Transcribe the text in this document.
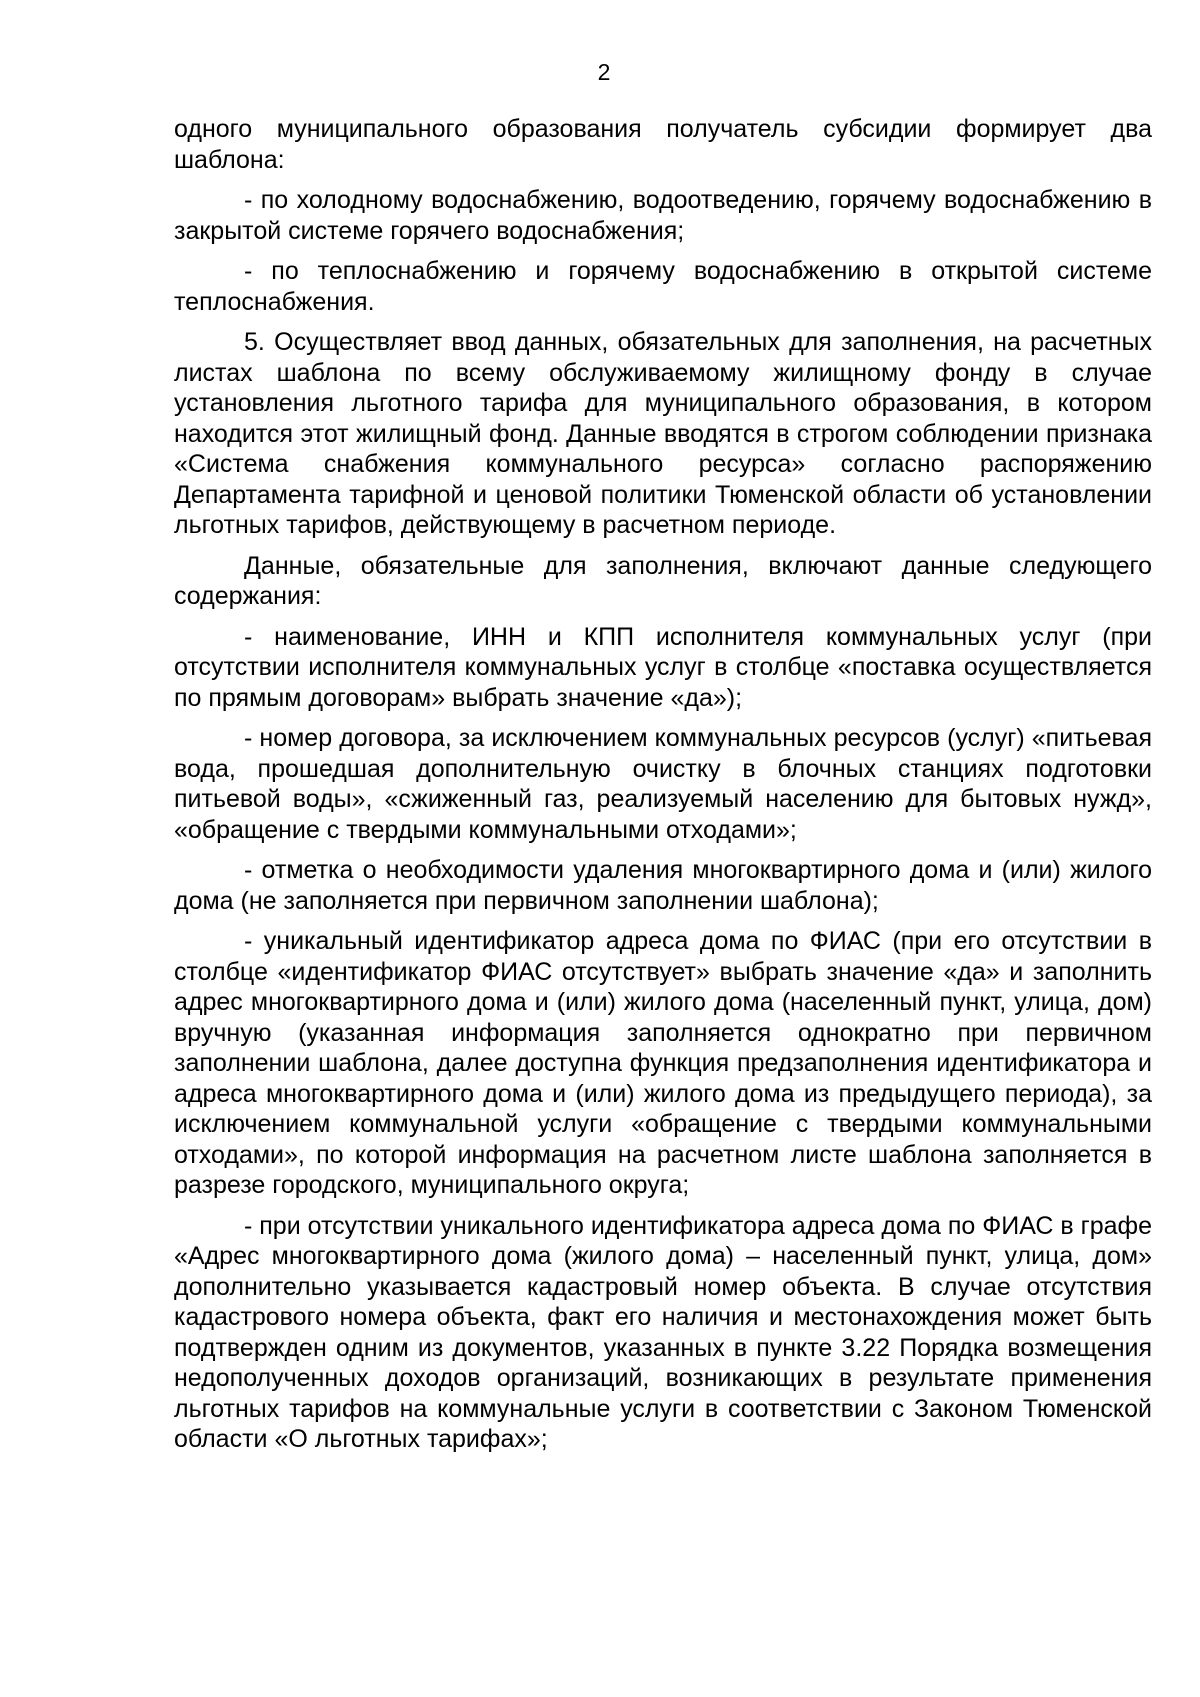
2

одного муниципального образования получатель субсидии формирует два шаблона:

- по холодному водоснабжению, водоотведению, горячему водоснабжению в закрытой системе горячего водоснабжения;

- по теплоснабжению и горячему водоснабжению в открытой системе теплоснабжения.

5. Осуществляет ввод данных, обязательных для заполнения, на расчетных листах шаблона по всему обслуживаемому жилищному фонду в случае установления льготного тарифа для муниципального образования, в котором находится этот жилищный фонд. Данные вводятся в строгом соблюдении признака «Система снабжения коммунального ресурса» согласно распоряжению Департамента тарифной и ценовой политики Тюменской области об установлении льготных тарифов, действующему в расчетном периоде.

Данные, обязательные для заполнения, включают данные следующего содержания:

- наименование, ИНН и КПП исполнителя коммунальных услуг (при отсутствии исполнителя коммунальных услуг в столбце «поставка осуществляется по прямым договорам» выбрать значение «да»);

- номер договора, за исключением коммунальных ресурсов (услуг) «питьевая вода, прошедшая дополнительную очистку в блочных станциях подготовки питьевой воды», «сжиженный газ, реализуемый населению для бытовых нужд», «обращение с твердыми коммунальными отходами»;

- отметка о необходимости удаления многоквартирного дома и (или) жилого дома (не заполняется при первичном заполнении шаблона);

- уникальный идентификатор адреса дома по ФИАС (при его отсутствии в столбце «идентификатор ФИАС отсутствует» выбрать значение «да» и заполнить адрес многоквартирного дома и (или) жилого дома (населенный пункт, улица, дом) вручную (указанная информация заполняется однократно при первичном заполнении шаблона, далее доступна функция предзаполнения идентификатора и адреса многоквартирного дома и (или) жилого дома из предыдущего периода), за исключением коммунальной услуги «обращение с твердыми коммунальными отходами», по которой информация на расчетном листе шаблона заполняется в разрезе городского, муниципального округа;

- при отсутствии уникального идентификатора адреса дома по ФИАС в графе «Адрес многоквартирного дома (жилого дома) – населенный пункт, улица, дом» дополнительно указывается кадастровый номер объекта. В случае отсутствия кадастрового номера объекта, факт его наличия и местонахождения может быть подтвержден одним из документов, указанных в пункте 3.22 Порядка возмещения недополученных доходов организаций, возникающих в результате применения льготных тарифов на коммунальные услуги в соответствии с Законом Тюменской области «О льготных тарифах»;
